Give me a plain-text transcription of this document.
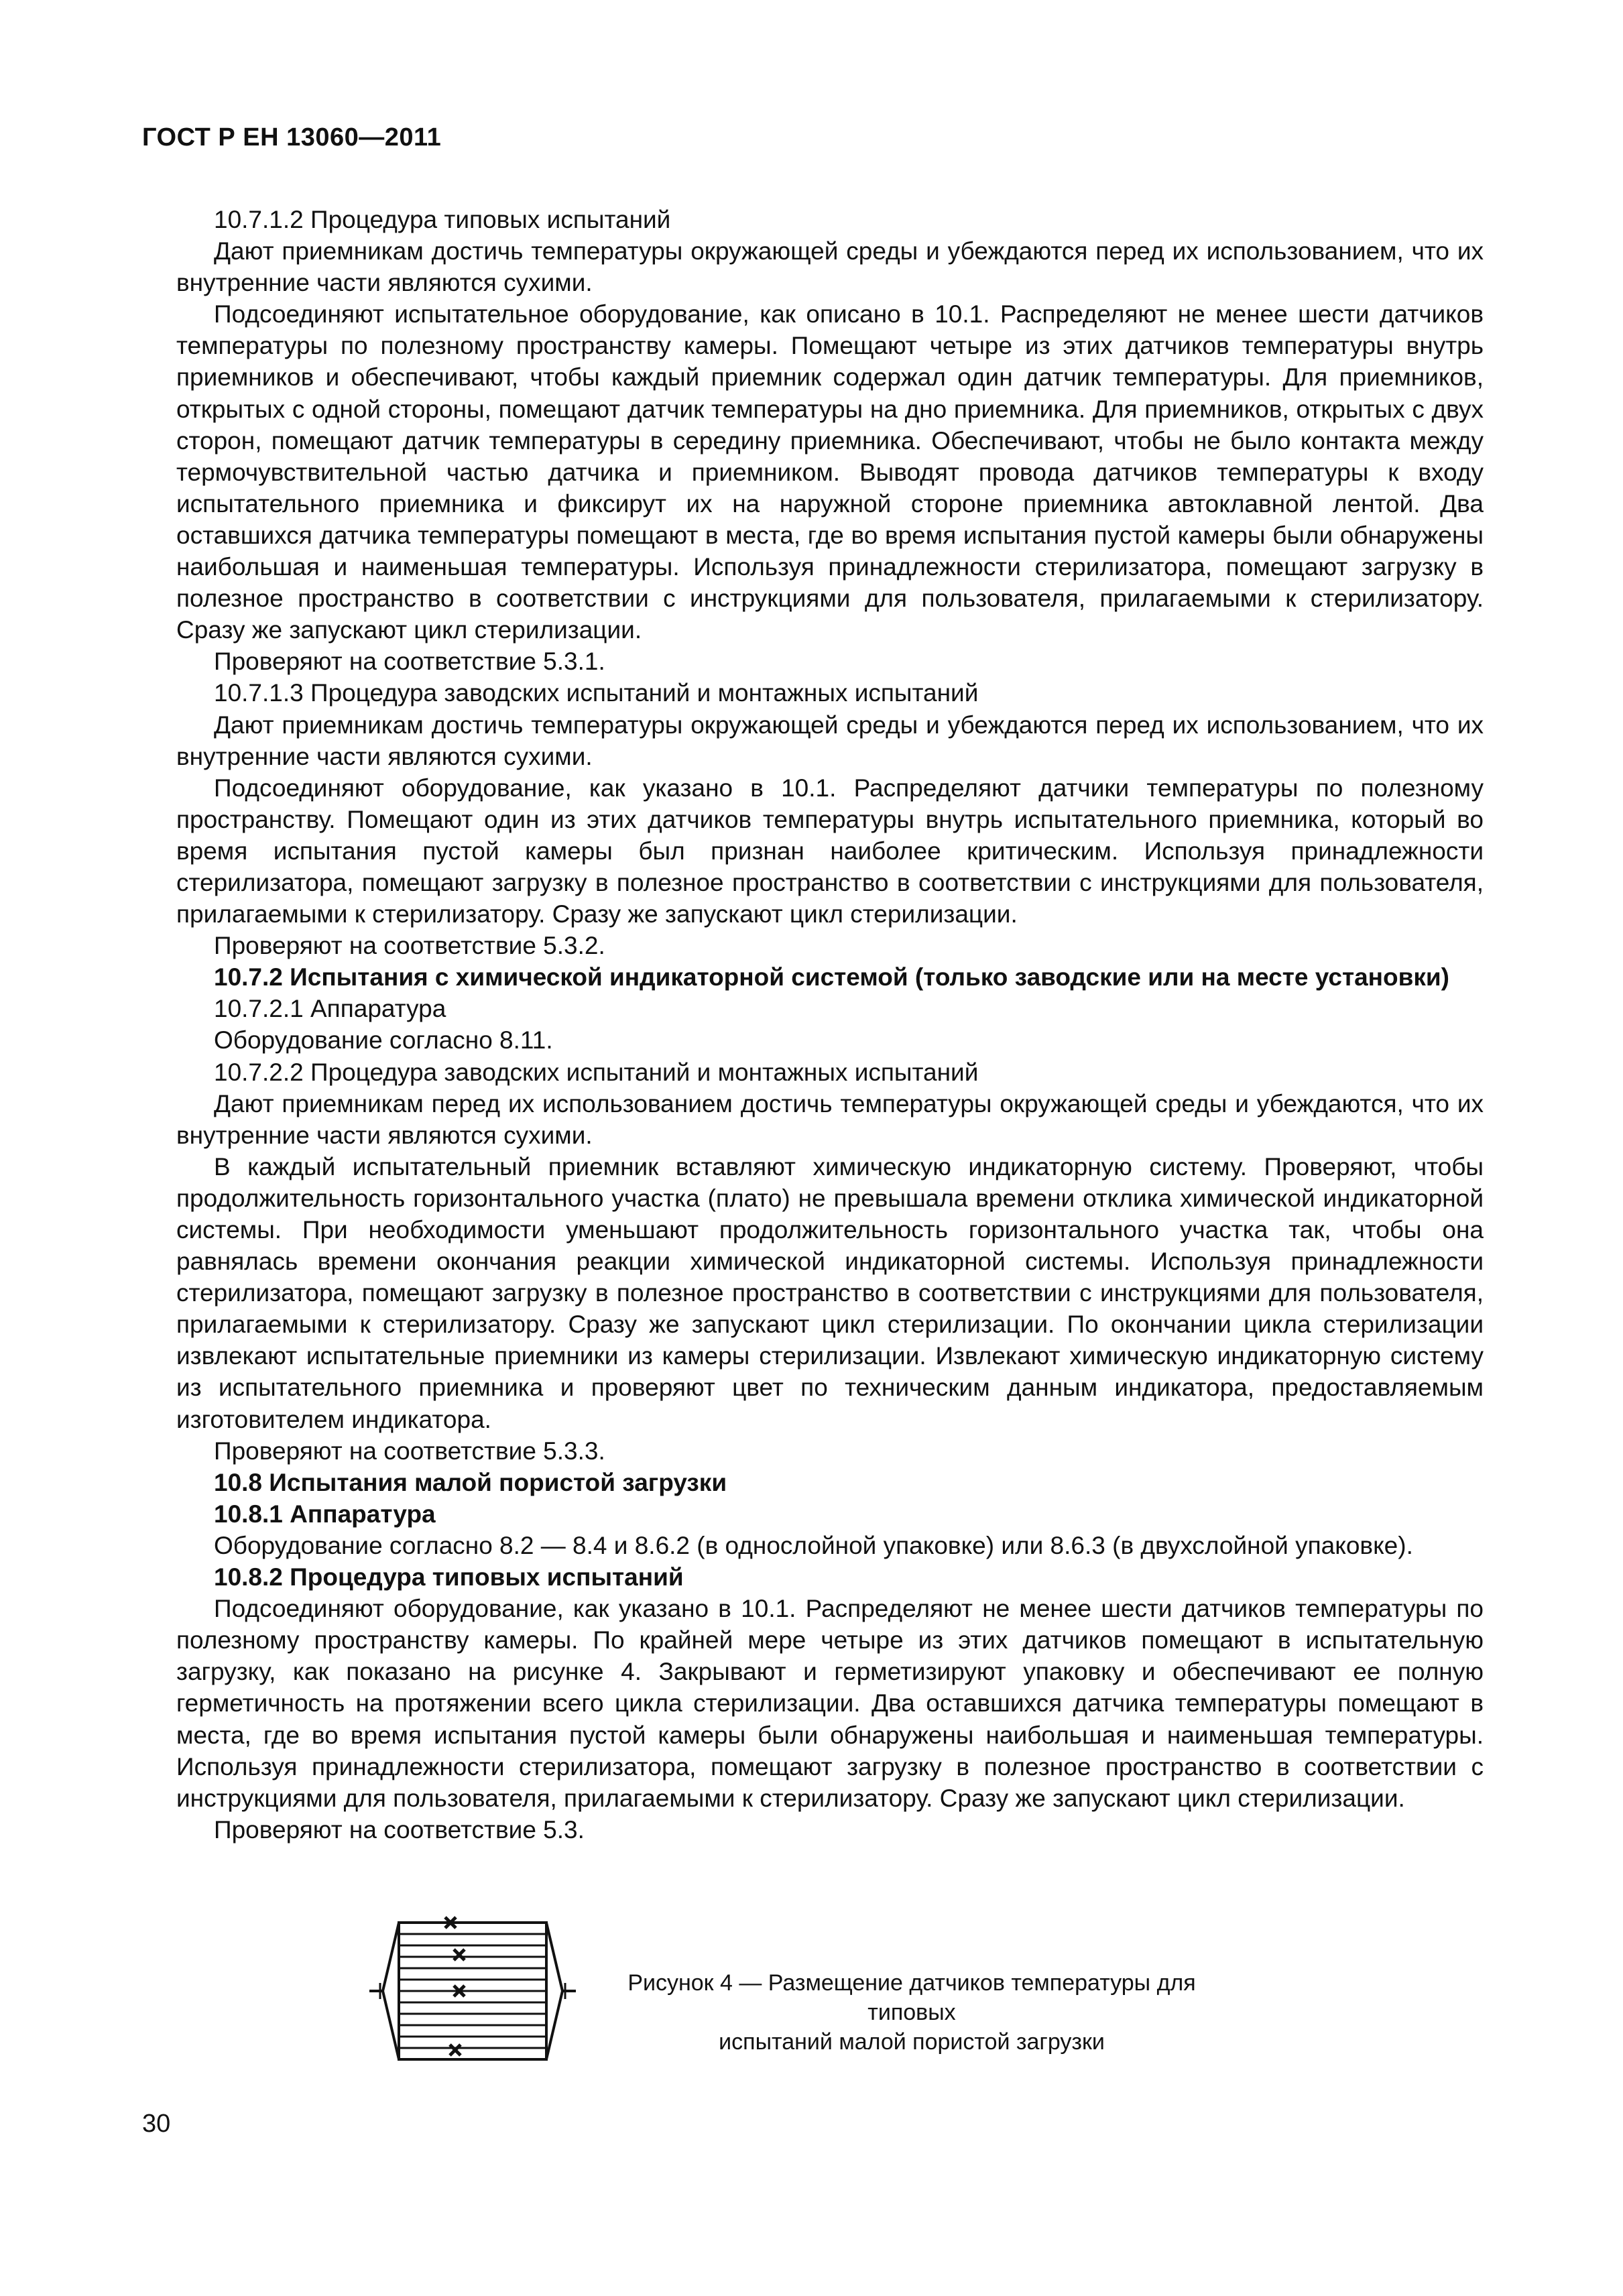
ГОСТ Р ЕН 13060—2011

10.7.1.2 Процедура типовых испытаний

Дают приемникам достичь температуры окружающей среды и убеждаются перед их использованием, что их внутренние части являются сухими.

Подсоединяют испытательное оборудование, как описано в 10.1. Распределяют не менее шести датчиков температуры по полезному пространству камеры. Помещают четыре из этих датчиков температуры внутрь приемников и обеспечивают, чтобы каждый приемник содержал один датчик температуры. Для приемников, открытых с одной стороны, помещают датчик температуры на дно приемника. Для приемников, открытых с двух сторон, помещают датчик температуры в середину приемника. Обеспечивают, чтобы не было контакта между термочувствительной частью датчика и приемником. Выводят провода датчиков температуры к входу испытательного приемника и фиксирут их на наружной стороне приемника автоклавной лентой. Два оставшихся датчика температуры помещают в места, где во время испытания пустой камеры были обнаружены наибольшая и наименьшая температуры. Используя принадлежности стерилизатора, помещают загрузку в полезное пространство в соответствии с инструкциями для пользователя, прилагаемыми к стерилизатору. Сразу же запускают цикл стерилизации.

Проверяют на соответствие 5.3.1.

10.7.1.3 Процедура заводских испытаний и монтажных испытаний

Дают приемникам достичь температуры окружающей среды и убеждаются перед их использованием, что их внутренние части являются сухими.

Подсоединяют оборудование, как указано в 10.1. Распределяют датчики температуры по полезному пространству. Помещают один из этих датчиков температуры внутрь испытательного приемника, который во время испытания пустой камеры был признан наиболее критическим. Используя принадлежности стерилизатора, помещают загрузку в полезное пространство в соответствии с инструкциями для пользователя, прилагаемыми к стерилизатору. Сразу же запускают цикл стерилизации.

Проверяют на соответствие 5.3.2.

10.7.2 Испытания с химической индикаторной системой (только заводские или на месте установки)

10.7.2.1 Аппаратура

Оборудование согласно 8.11.

10.7.2.2 Процедура заводских испытаний и монтажных испытаний

Дают приемникам перед их использованием достичь температуры окружающей среды и убеждаются, что их внутренние части являются сухими.

В каждый испытательный приемник вставляют химическую индикаторную систему. Проверяют, чтобы продолжительность горизонтального участка (плато) не превышала времени отклика химической индикаторной системы. При необходимости уменьшают продолжительность горизонтального участка так, чтобы она равнялась времени окончания реакции химической индикаторной системы. Используя принадлежности стерилизатора, помещают загрузку в полезное пространство в соответствии с инструкциями для пользователя, прилагаемыми к стерилизатору. Сразу же запускают цикл стерилизации. По окончании цикла стерилизации извлекают испытательные приемники из камеры стерилизации. Извлекают химическую индикаторную систему из испытательного приемника и проверяют цвет по техническим данным индикатора, предоставляемым изготовителем индикатора.

Проверяют на соответствие 5.3.3.

10.8 Испытания малой пористой загрузки

10.8.1 Аппаратура

Оборудование согласно 8.2 — 8.4 и 8.6.2 (в однослойной упаковке) или 8.6.3 (в двухслойной упаковке).

10.8.2 Процедура типовых испытаний

Подсоединяют оборудование, как указано в 10.1. Распределяют не менее шести датчиков температуры по полезному пространству камеры. По крайней мере четыре из этих датчиков помещают в испытательную загрузку, как показано на рисунке 4. Закрывают и герметизируют упаковку и обеспечивают ее полную герметичность на протяжении всего цикла стерилизации. Два оставшихся датчика температуры помещают в места, где во время испытания пустой камеры были обнаружены наибольшая и наименьшая температуры. Используя принадлежности стерилизатора, помещают загрузку в полезное пространство в соответствии с инструкциями для пользователя, прилагаемыми к стерилизатору. Сразу же запускают цикл стерилизации.

Проверяют на соответствие 5.3.

Рисунок 4 — Размещение датчиков температуры для типовых
испытаний малой пористой загрузки
30
